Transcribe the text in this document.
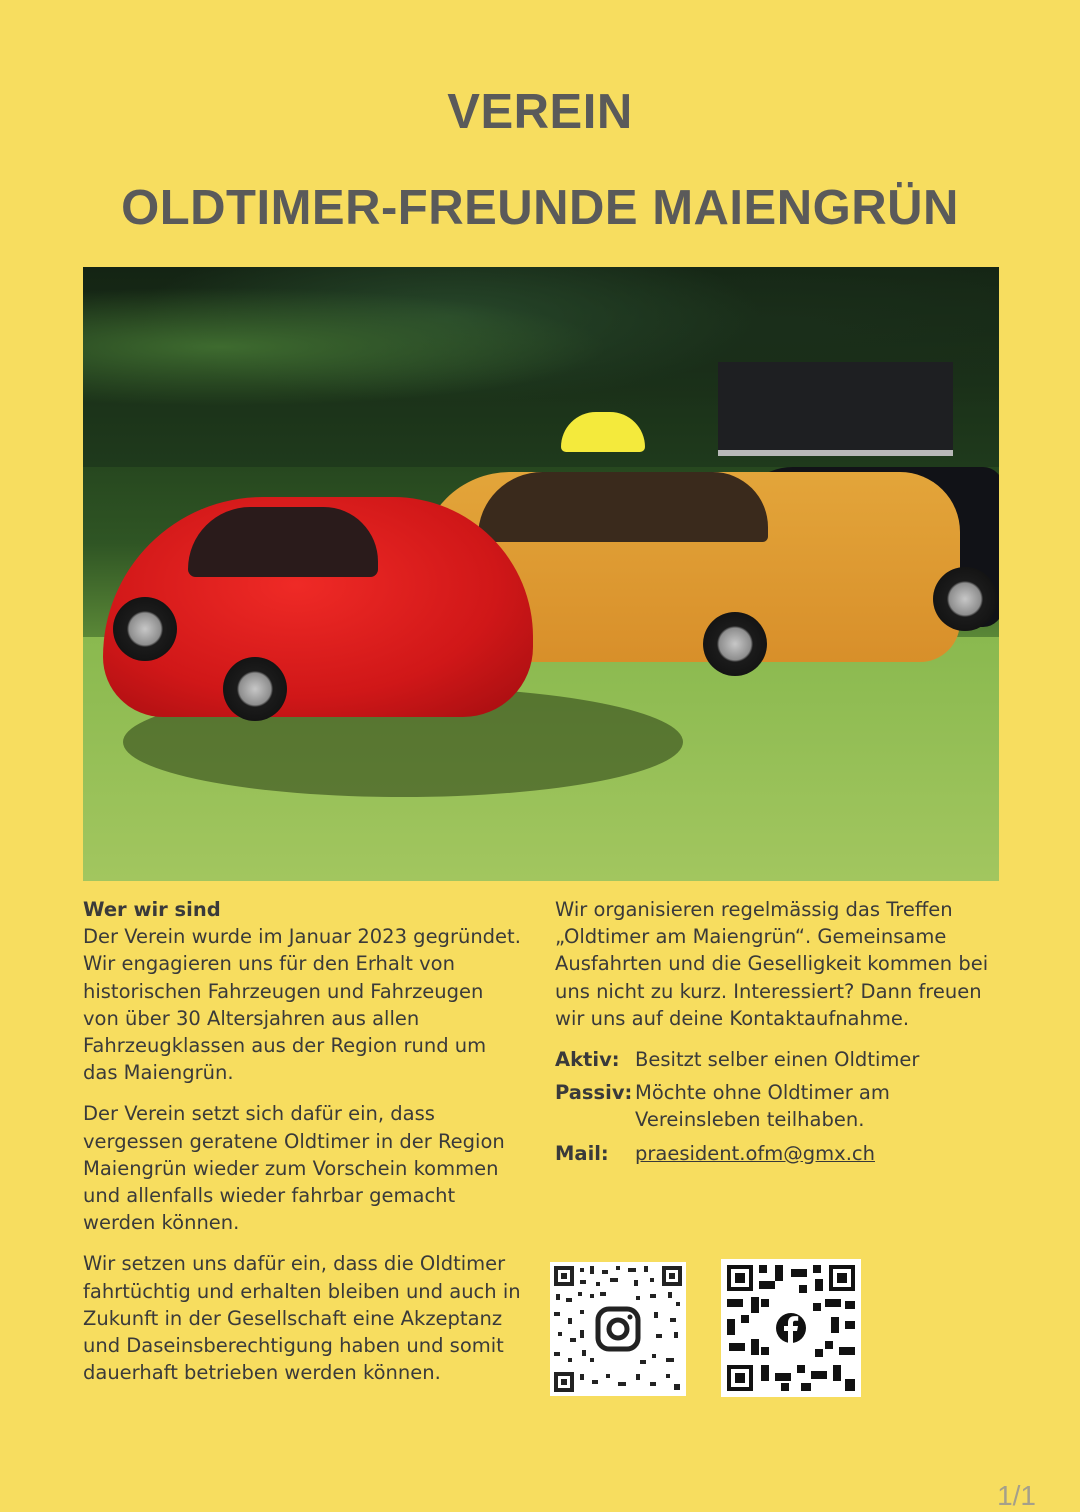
VEREIN
OLDTIMER-FREUNDE MAIENGRÜN

Wer wir sind
Der Verein wurde im Januar 2023 gegründet. Wir engagieren uns für den Erhalt von historischen Fahrzeugen und Fahrzeugen von über 30 Altersjahren aus allen Fahrzeugklassen aus der Region rund um das Maiengrün.

Der Verein setzt sich dafür ein, dass vergessen geratene Oldtimer in der Region Maiengrün wieder zum Vorschein kommen und allenfalls wieder fahrbar gemacht werden können.

Wir setzen uns dafür ein, dass die Oldtimer fahrtüchtig und erhalten bleiben und auch in Zukunft in der Gesellschaft eine Akzeptanz und Daseinsberechtigung haben und somit dauerhaft betrieben werden können.

Wir organisieren regelmässig das Treffen „Oldtimer am Maiengrün“. Gemeinsame Ausfahrten und die Geselligkeit kommen bei uns nicht zu kurz. Interessiert? Dann freuen wir uns auf deine Kontaktaufnahme.

Aktiv: Besitzt selber einen Oldtimer
Passiv: Möchte ohne Oldtimer am Vereinsleben teilhaben.
Mail:	praesident.ofm@gmx.ch
1/1
